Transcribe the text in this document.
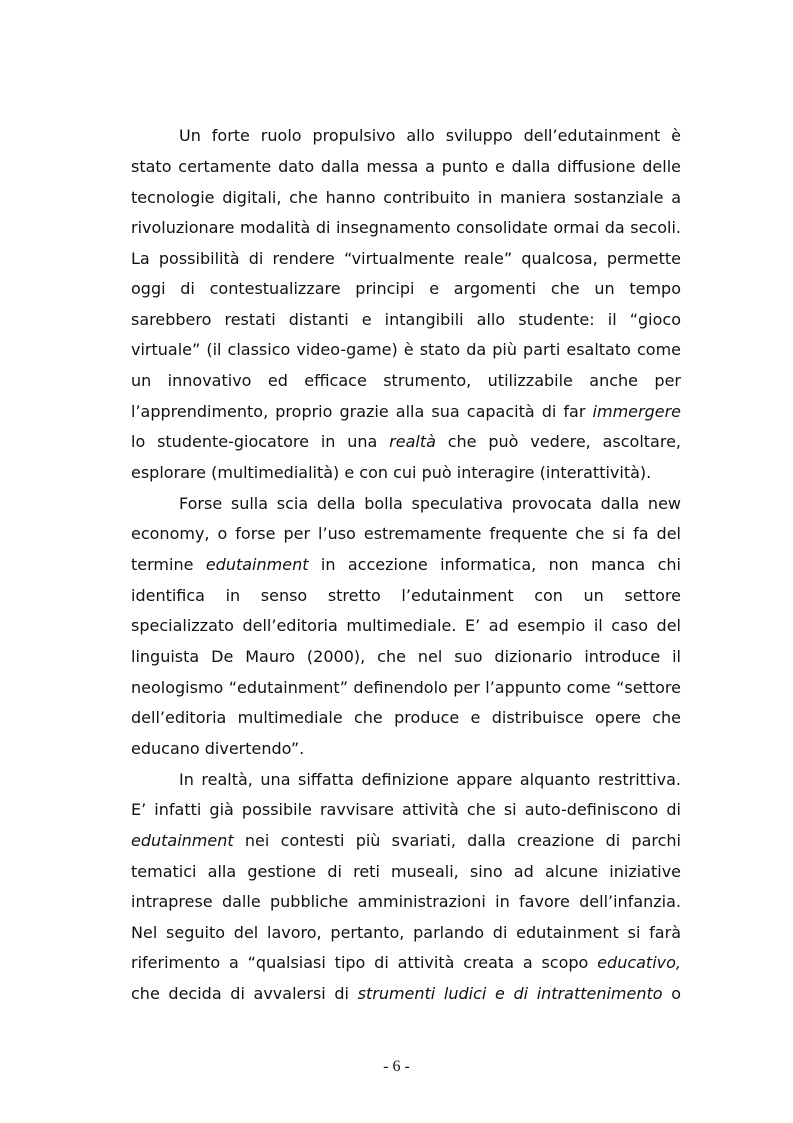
Un forte ruolo propulsivo allo sviluppo dell’edutainment è
stato certamente dato dalla messa a punto e dalla diffusione delle
tecnologie digitali, che hanno contribuito in maniera sostanziale a
rivoluzionare modalità di insegnamento consolidate ormai da secoli.
La possibilità di rendere “virtualmente reale” qualcosa, permette
oggi di contestualizzare principi e argomenti che un tempo
sarebbero restati distanti e intangibili allo studente: il “gioco
virtuale” (il classico video-game) è stato da più parti esaltato come
un innovativo ed efficace strumento, utilizzabile anche per
l’apprendimento, proprio grazie alla sua capacità di far immergere
lo studente-giocatore in una realtà che può vedere, ascoltare,
esplorare (multimedialità) e con cui può interagire (interattività).
Forse sulla scia della bolla speculativa provocata dalla new
economy, o forse per l’uso estremamente frequente che si fa del
termine edutainment in accezione informatica, non manca chi
identifica in senso stretto l’edutainment con un settore
specializzato dell’editoria multimediale. E’ ad esempio il caso del
linguista De Mauro (2000), che nel suo dizionario introduce il
neologismo “edutainment” definendolo per l’appunto come “settore
dell’editoria multimediale che produce e distribuisce opere che
educano divertendo”.
In realtà, una siffatta definizione appare alquanto restrittiva.
E’ infatti già possibile ravvisare attività che si auto-definiscono di
edutainment nei contesti più svariati, dalla creazione di parchi
tematici alla gestione di reti museali, sino ad alcune iniziative
intraprese dalle pubbliche amministrazioni in favore dell’infanzia.
Nel seguito del lavoro, pertanto, parlando di edutainment si farà
riferimento a “qualsiasi tipo di attività creata a scopo educativo,
che decida di avvalersi di strumenti ludici e di intrattenimento o
- 6 -
